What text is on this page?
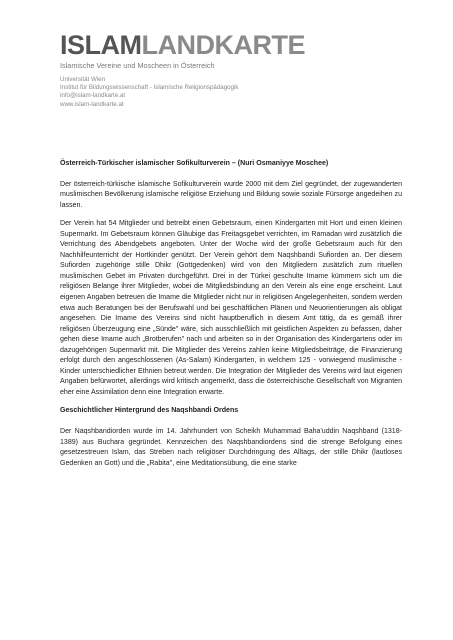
ISLAMLANDKARTE
Islamische Vereine und Moscheen in Österreich
Universität Wien
Institut für Bildungswissenschaft - Islamische Religionspädagogik
info@islam-landkarte.at
www.islam-landkarte.at
Österreich-Türkischer islamischer Sofikulturverein – (Nuri Osmaniyye Moschee)

Der österreich-türkische islamische Sofikulturverein wurde 2000 mit dem Ziel gegründet, der zugewanderten muslimischen Bevölkerung islamische religiöse Erziehung und Bildung sowie soziale Fürsorge angedeihen zu lassen.

Der Verein hat 54 Mitglieder und betreibt einen Gebetsraum, einen Kindergarten mit Hort und einen kleinen Supermarkt. Im Gebetsraum können Gläubige das Freitagsgebet verrichten, im Ramadan wird zusätzlich die Verrichtung des Abendgebets angeboten. Unter der Woche wird der große Gebetsraum auch für den Nachhilfeunterricht der Hortkinder genützt. Der Verein gehört dem Naqshbandi Sufiorden an. Der diesem Sufiorden zugehörige stille Dhikr (Gottgedenken) wird von den Mitgliedern zusätzlich zum rituellen muslimischen Gebet im Privaten durchgeführt. Drei in der Türkei geschulte Imame kümmern sich um die religiösen Belange ihrer Mitglieder, wobei die Mitgliedsbindung an den Verein als eine enge erscheint. Laut eigenen Angaben betreuen die Imame die Mitglieder nicht nur in religiösen Angelegenheiten, sondern werden etwa auch Beratungen bei der Berufswahl und bei geschäftlichen Plänen und Neuorientierungen als obligat angesehen. Die Imame des Vereins sind nicht hauptberuflich in diesem Amt tätig, da es gemäß ihrer religiösen Überzeugung eine „Sünde" wäre, sich ausschließlich mit geistlichen Aspekten zu befassen, daher gehen diese Imame auch „Brotberufen" nach und arbeiten so in der Organisation des Kindergartens oder im dazugehörigen Supermarkt mit. Die Mitglieder des Vereins zahlen keine Mitgliedsbeiträge, die Finanzierung erfolgt durch den angeschlossenen (As-Salam) Kindergarten, in welchem 125 - vorwiegend muslimische - Kinder unterschiedlicher Ethnien betreut werden. Die Integration der Mitglieder des Vereins wird laut eigenen Angaben befürwortet, allerdings wird kritisch angemerkt, dass die österreichische Gesellschaft von Migranten eher eine Assimilation denn eine Integration erwarte.

Geschichtlicher Hintergrund des Naqshbandi Ordens

Der Naqshbandiorden wurde im 14. Jahrhundert von Scheikh Muhammad Baha'uddin Naqshband (1318-1389) aus Buchara gegründet. Kennzeichen des Naqshbandiordens sind die strenge Befolgung eines gesetzestreuen Islam, das Streben nach religiöser Durchdringung des Alltags, der stille Dhikr (lautloses Gedenken an Gott) und die „Rabita", eine Meditationsübung, die eine starke
